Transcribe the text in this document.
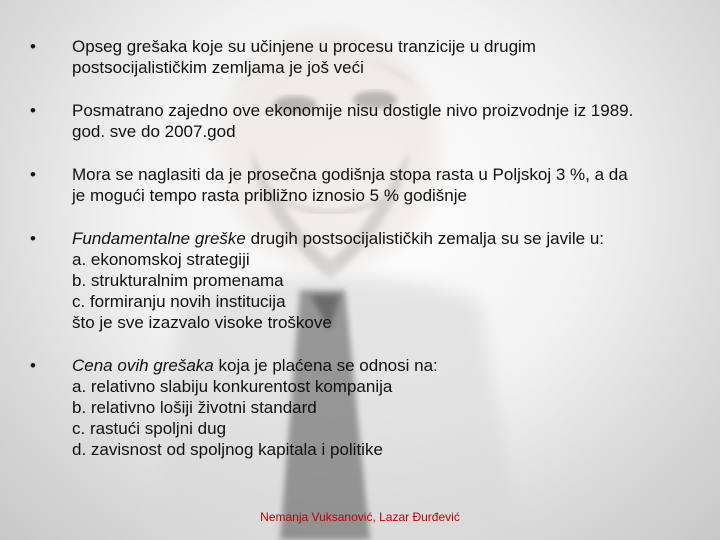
• Opseg grešaka koje su učinjene u procesu tranzicije u drugim
postsocijalističkim zemljama je još veći
• Posmatrano zajedno ove ekonomije nisu dostigle nivo proizvodnje iz 1989.
god. sve do 2007.god
• Mora se naglasiti da je prosečna godišnja stopa rasta u Poljskoj 3 %, a da
je mogući tempo rasta približno iznosio 5 % godišnje
• Fundamentalne greške drugih postsocijalističkih zemalja su se javile u:
a. ekonomskoj strategiji
b. strukturalnim promenama
c. formiranju novih institucija
što je sve izazvalo visoke troškove
• Cena ovih grešaka koja je plaćena se odnosi na:
a. relativno slabiju konkurentost kompanija
b. relativno lošiji životni standard
c. rastući spoljni dug
d. zavisnost od spoljnog kapitala i politike
Nemanja Vuksanović, Lazar Đurđević
